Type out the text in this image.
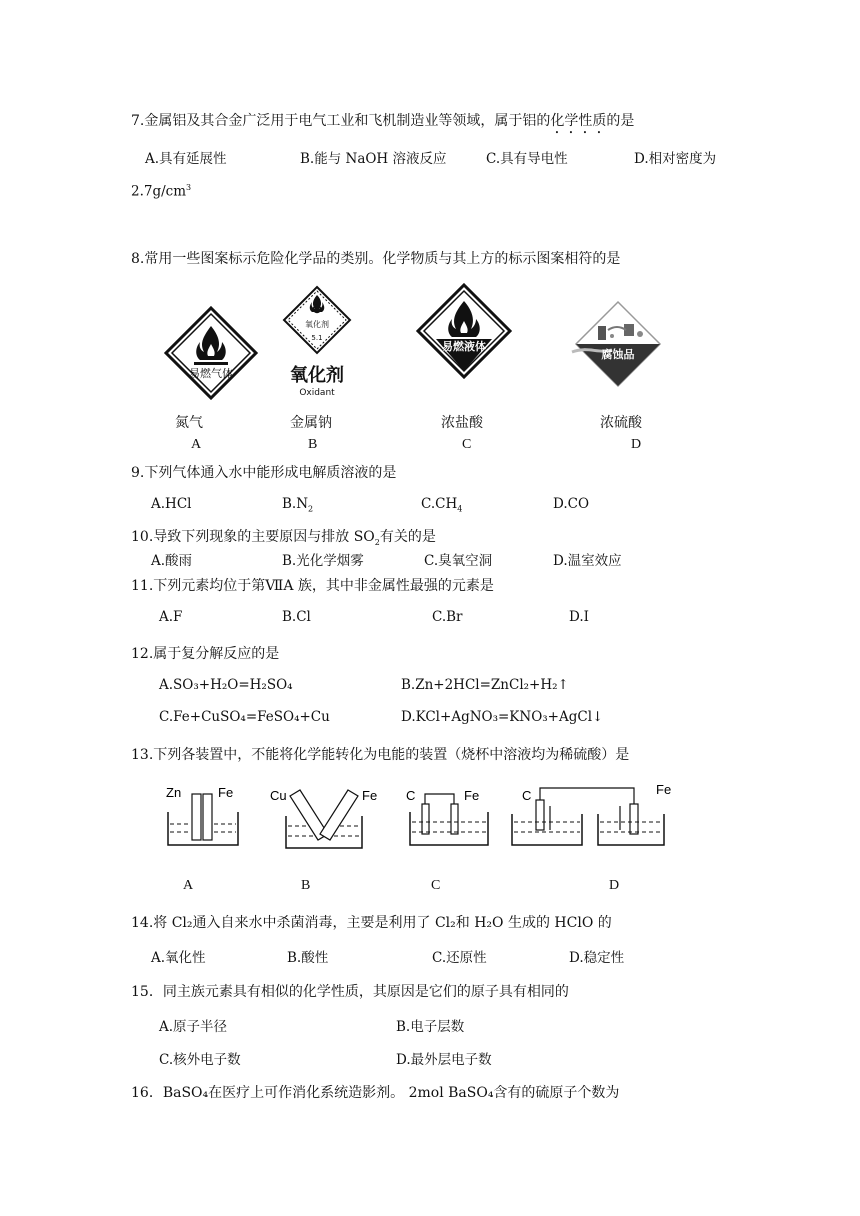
7.金属铝及其合金广泛用于电气工业和飞机制造业等领域，属于铝的化学性质的是
A.具有延展性	B.能与 NaOH 溶液反应	C.具有导电性	D.相对密度为
$2.7g/cm^3$
8.常用一些图案标示危险化学品的类别。化学物质与其上方的标示图案相符的是
易燃气体
氧化剂
5.1
氧化剂
Oxidant
易燃液体
腐蚀品
氮气	金属钠	浓盐酸	浓硫酸
A	B	C	D
9.下列气体通入水中能形成电解质溶液的是
A.HCl	$B.N_2$	$C.CH_4$	D.CO
10.导致下列现象的主要原因与排放 $SO_2$有关的是
A.酸雨	B.光化学烟雾	C.臭氧空洞	D.温室效应
11.下列元素均位于第ⅦA 族，其中非金属性最强的元素是
A.F	B.Cl	C.Br	D.I
12.属于复分解反应的是
A.SO₃+H₂O=H₂SO₄	B.Zn+2HCl=ZnCl₂+H₂↑
C.Fe+CuSO₄=FeSO₄+Cu	D.KCl+AgNO₃=KNO₃+AgCl↓
13.下列各装置中，不能将化学能转化为电能的装置（烧杯中溶液均为稀硫酸）是
Zn	Fe	Cu	Fe C	Fe	C	Fe
A	B	C	D
14.将 Cl₂通入自来水中杀菌消毒，主要是利用了 Cl₂和 H₂O 生成的 HClO 的
A.氧化性	B.酸性	C.还原性	D.稳定性
15．同主族元素具有相似的化学性质，其原因是它们的原子具有相同的
A.原子半径	B.电子层数
C.核外电子数	D.最外层电子数
16．BaSO₄在医疗上可作消化系统造影剂。 2mol BaSO₄含有的硫原子个数为
